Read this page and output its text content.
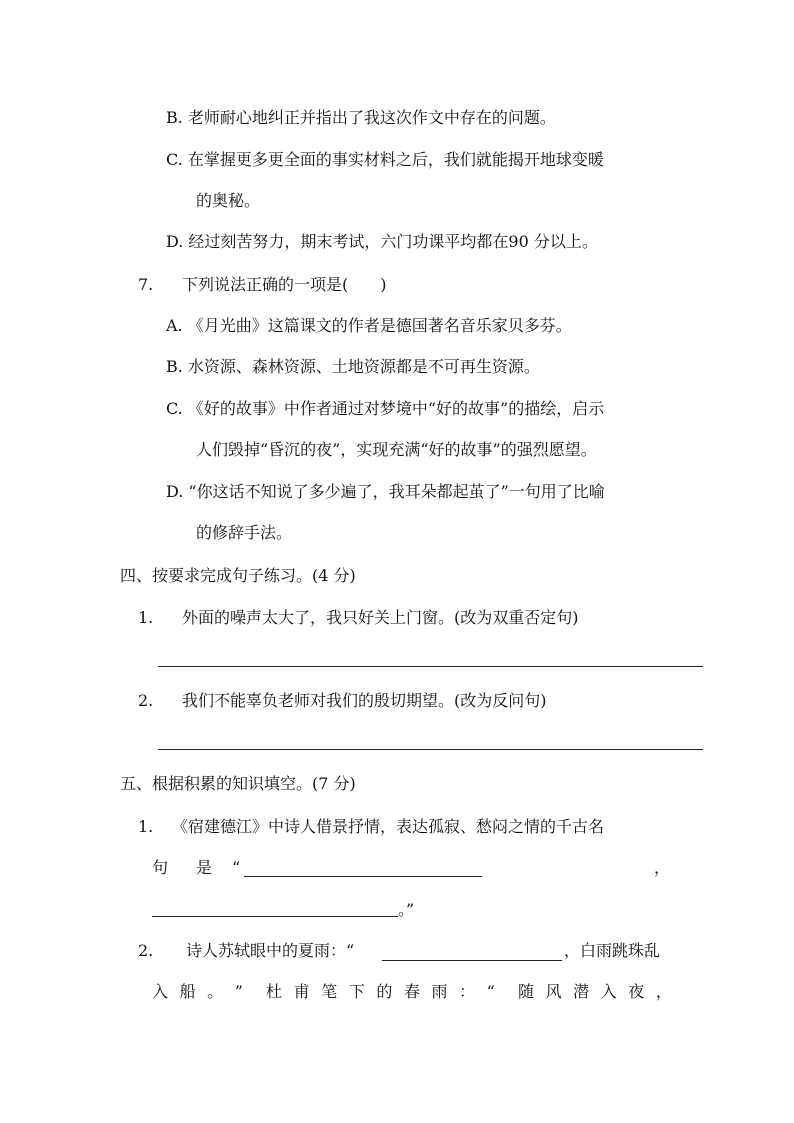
B. 老师耐心地纠正并指出了我这次作文中存在的问题。
C. 在掌握更多更全面的事实材料之后，我们就能揭开地球变暖
的奥秘。
D. 经过刻苦努力，期末考试，六门功课平均都在90 分以上。
7. 下列说法正确的一项是(　　)
A. 《月光曲》这篇课文的作者是德国著名音乐家贝多芬。
B. 水资源、森林资源、土地资源都是不可再生资源。
C. 《好的故事》中作者通过对梦境中“好的故事”的描绘，启示
人们毁掉“昏沉的夜”，实现充满“好的故事”的强烈愿望。
D. “你这话不知说了多少遍了，我耳朵都起茧了”一句用了比喻
的修辞手法。
四、按要求完成句子练习。(4 分)
1. 外面的噪声太大了，我只好关上门窗。(改为双重否定句)
2. 我们不能辜负老师对我们的殷切期望。(改为反问句)
五、根据积累的知识填空。(7 分)
1. 《宿建德江》中诗人借景抒情，表达孤寂、愁闷之情的千古名
句 是 “	，
。”
2. 诗人苏轼眼中的夏雨：“	，白雨跳珠乱
入 船 。 ” 杜 甫 笔 下 的 春 雨 ： “ 随 风 潜 入 夜 ，
